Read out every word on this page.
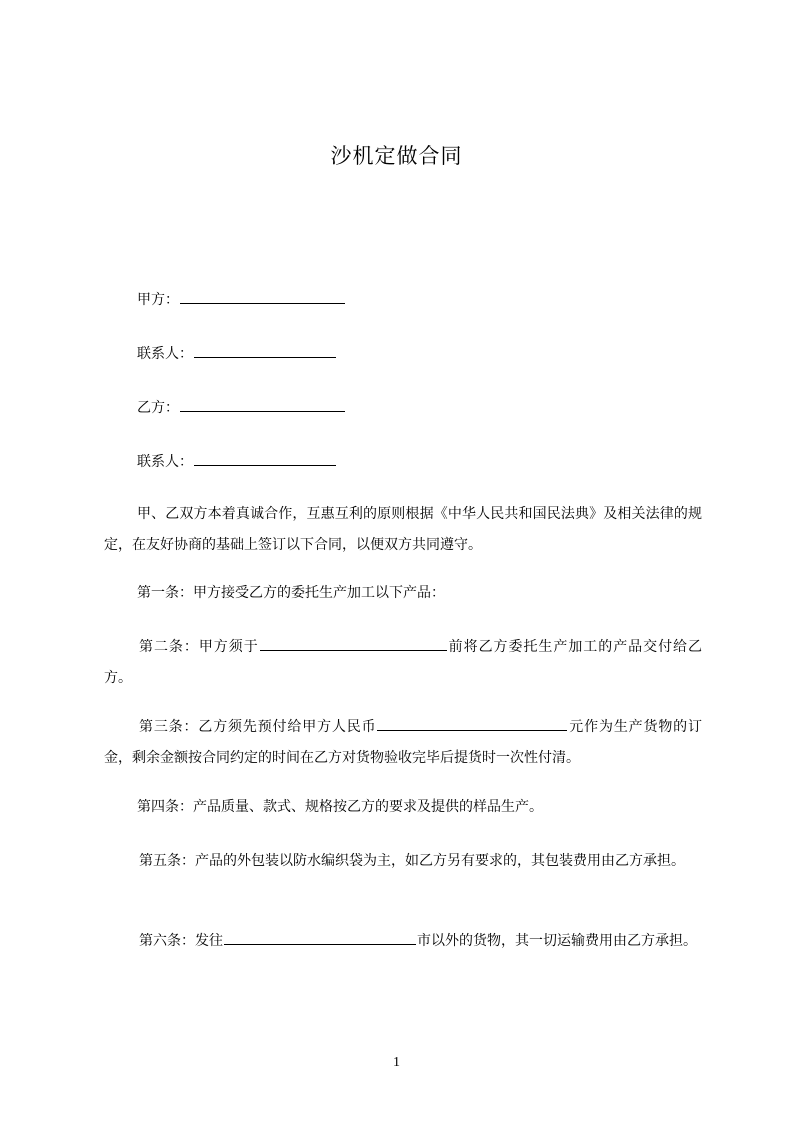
沙机定做合同
甲方：
联系人：
乙方：
联系人：
甲、乙双方本着真诚合作，互惠互利的原则根据《中华人民共和国民法典》及相关法律的规定，在友好协商的基础上签订以下合同，以便双方共同遵守。
第一条：甲方接受乙方的委托生产加工以下产品：
第二条：甲方须于	前将乙方委托生产加工的产品交付给乙方。
第三条：乙方须先预付给甲方人民币	元作为生产货物的订金，剩余金额按合同约定的时间在乙方对货物验收完毕后提货时一次性付清。
第四条：产品质量、款式、规格按乙方的要求及提供的样品生产。
第五条：产品的外包装以防水编织袋为主，如乙方另有要求的，其包装费用由乙方承担。
第六条：发往	市以外的货物，其一切运输费用由乙方承担。
1
